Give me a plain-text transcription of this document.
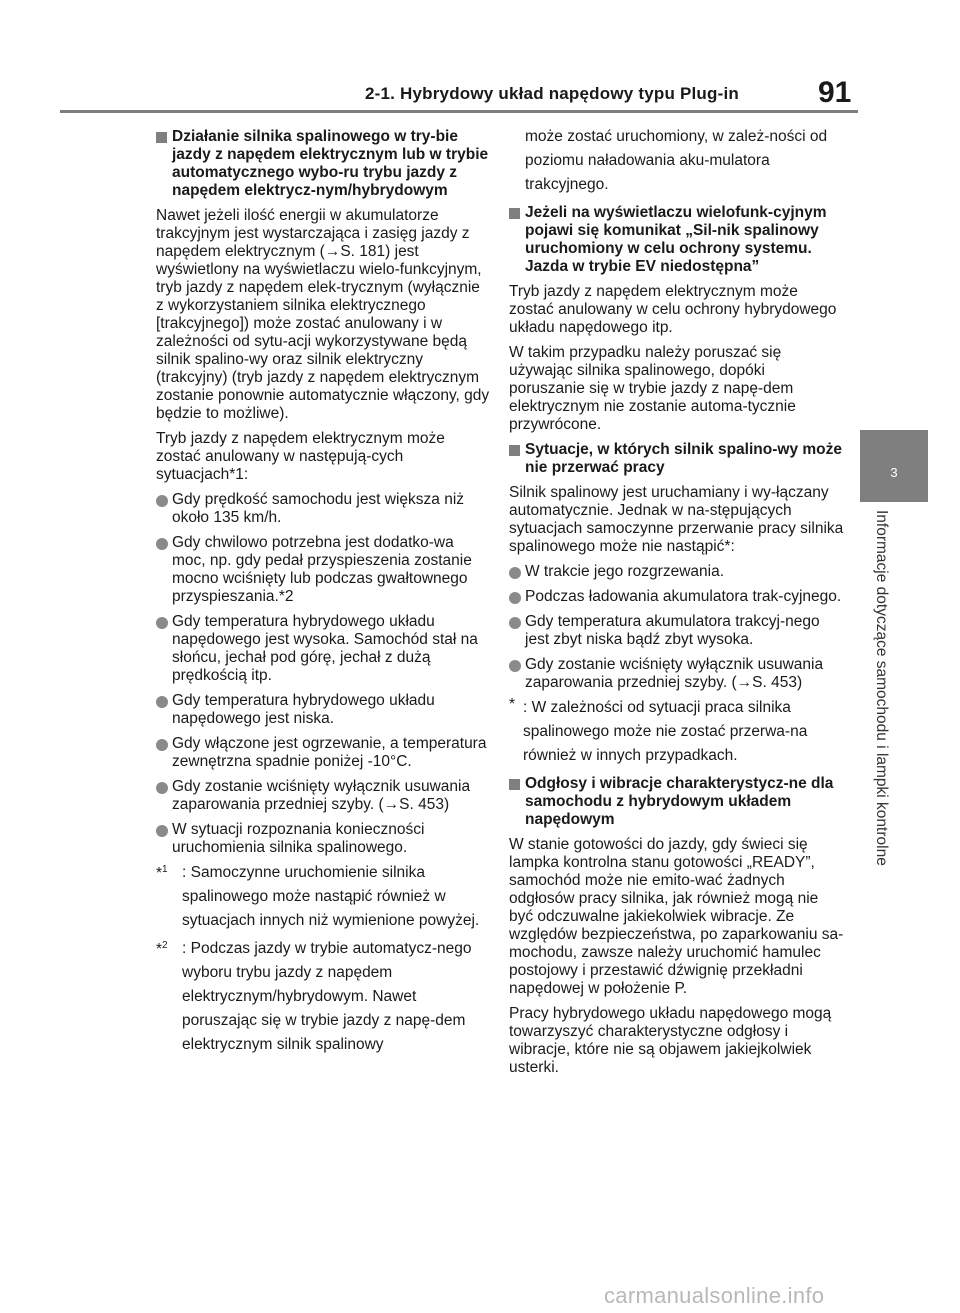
2-1. Hybrydowy układ napędowy typu Plug-in	91
3
Informacje dotyczące samochodu i lampki kontrolne
Działanie silnika spalinowego w try-bie jazdy z napędem elektrycznym lub w trybie automatycznego wybo-ru trybu jazdy z napędem elektrycz-nym/hybrydowym
Nawet jeżeli ilość energii w akumulatorze trakcyjnym jest wystarczająca i zasięg jazdy z napędem elektrycznym (→S. 181) jest wyświetlony na wyświetlaczu wielo-funkcyjnym, tryb jazdy z napędem elek-trycznym (wyłącznie z wykorzystaniem silnika elektrycznego [trakcyjnego]) może zostać anulowany i w zależności od sytu-acji wykorzystywane będą silnik spalino-wy oraz silnik elektryczny (trakcyjny) (tryb jazdy z napędem elektrycznym zostanie ponownie automatycznie włączony, gdy będzie to możliwe).
Tryb jazdy z napędem elektrycznym może zostać anulowany w następują-cych sytuacjach*1:
Gdy prędkość samochodu jest większa niż około 135 km/h.
Gdy chwilowo potrzebna jest dodatko-wa moc, np. gdy pedał przyspieszenia zostanie mocno wciśnięty lub podczas gwałtownego przyspieszania.*2
Gdy temperatura hybrydowego układu napędowego jest wysoka. Samochód stał na słońcu, jechał pod górę, jechał z dużą prędkością itp.
Gdy temperatura hybrydowego układu napędowego jest niska.
Gdy włączone jest ogrzewanie, a temperatura zewnętrzna spadnie poniżej -10°C.
Gdy zostanie wciśnięty wyłącznik usuwania zaparowania przedniej szyby. (→S. 453)
W sytuacji rozpoznania konieczności uruchomienia silnika spalinowego.
*$^1$ : Samoczynne uruchomienie silnika spalinowego może nastąpić również w sytuacjach innych niż wymienione powyżej.
*$^2$ : Podczas jazdy w trybie automatycz-nego wyboru trybu jazdy z napędem elektrycznym/hybrydowym. Nawet poruszając się w trybie jazdy z napę-dem elektrycznym silnik spalinowy
może zostać uruchomiony, w zależ-ności od poziomu naładowania aku-mulatora trakcyjnego.
Jeżeli na wyświetlaczu wielofunk-cyjnym pojawi się komunikat „Sil-nik spalinowy uruchomiony w celu ochrony systemu. Jazda w trybie EV niedostępna”
Tryb jazdy z napędem elektrycznym może zostać anulowany w celu ochrony hybrydowego układu napędowego itp.
W takim przypadku należy poruszać się używając silnika spalinowego, dopóki poruszanie się w trybie jazdy z napę-dem elektrycznym nie zostanie automa-tycznie przywrócone.
Sytuacje, w których silnik spalino-wy może nie przerwać pracy
Silnik spalinowy jest uruchamiany i wy-łączany automatycznie. Jednak w na-stępujących sytuacjach samoczynne przerwanie pracy silnika spalinowego może nie nastąpić*:
W trakcie jego rozgrzewania.
Podczas ładowania akumulatora trak-cyjnego.
Gdy temperatura akumulatora trakcyj-nego jest zbyt niska bądź zbyt wysoka.
Gdy zostanie wciśnięty wyłącznik usuwania zaparowania przedniej szyby. (→S. 453)
* : W zależności od sytuacji praca silnika spalinowego może nie zostać przerwa-na również w innych przypadkach.
Odgłosy i wibracje charakterystycz-ne dla samochodu z hybrydowym układem napędowym
W stanie gotowości do jazdy, gdy świeci się lampka kontrolna stanu gotowości „READY”, samochód może nie emito-wać żadnych odgłosów pracy silnika, jak również mogą nie być odczuwalne jakiekolwiek wibracje. Ze względów bezpieczeństwa, po zaparkowaniu sa-mochodu, zawsze należy uruchomić hamulec postojowy i przestawić dźwignię przekładni napędowej w położenie P.
Pracy hybrydowego układu napędowego mogą towarzyszyć charakterystyczne odgłosy i wibracje, które nie są objawem jakiejkolwiek usterki.
carmanualsonline.info
